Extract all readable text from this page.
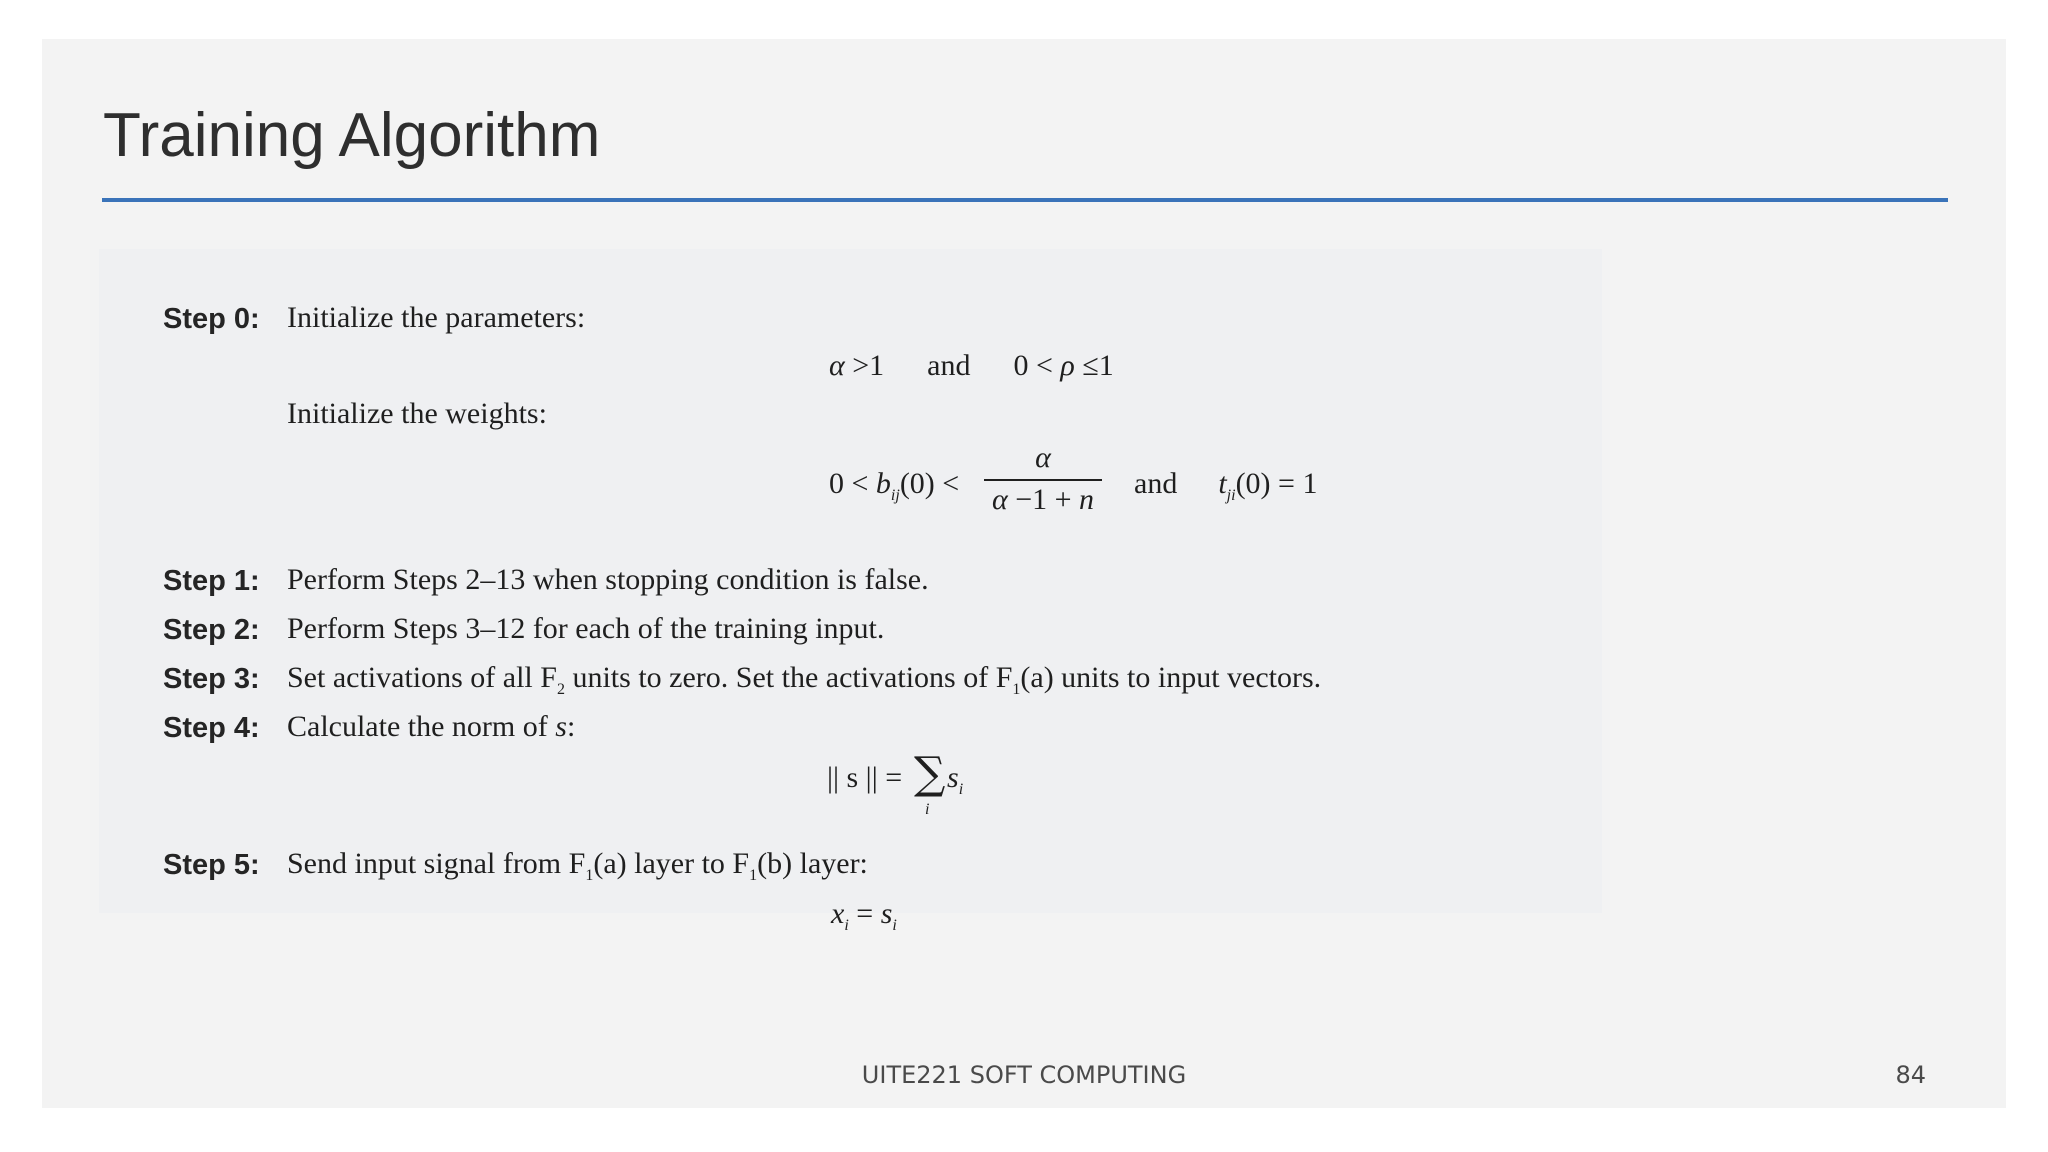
Training Algorithm
Step 0: Initialize the parameters:
α >1 and 0 < ρ ≤1
Initialize the weights:
$0 < b_{ij}(0)$ <
α
α −1 + n and $t_{ji}(0) = 1$
Step 1: Perform Steps 2–13 when stopping condition is false.
Step 2: Perform Steps 3–12 for each of the training input.
Step 3: Set activations of all $F_2$ units to zero. Set the activations of $F_1(a)$ units to input vectors.
Step 4: Calculate the norm of s:
|| s || = ∑ $s_i$
i
Step 5: Send input signal from $F_1(a)$ layer to $F_1(b)$ layer:
$x_i = s_i$

UITE221 SOFT COMPUTING	84
